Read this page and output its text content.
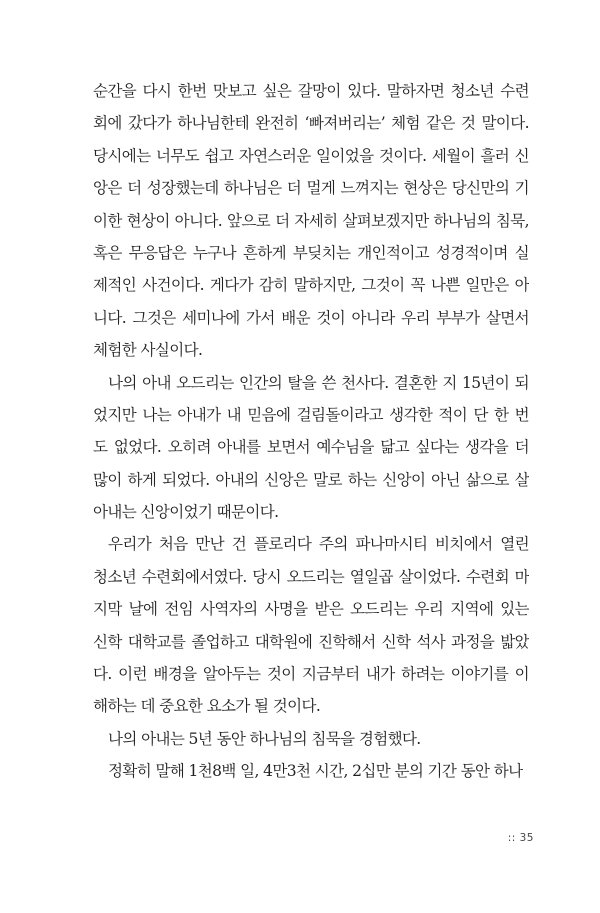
순간을 다시 한번 맛보고 싶은 갈망이 있다. 말하자면 청소년 수련
회에 갔다가 하나님한테 완전히 ‘빠져버리는’ 체험 같은 것 말이다.
당시에는 너무도 쉽고 자연스러운 일이었을 것이다. 세월이 흘러 신
앙은 더 성장했는데 하나님은 더 멀게 느껴지는 현상은 당신만의 기
이한 현상이 아니다. 앞으로 더 자세히 살펴보겠지만 하나님의 침묵,
혹은 무응답은 누구나 흔하게 부딪치는 개인적이고 성경적이며 실
제적인 사건이다. 게다가 감히 말하지만, 그것이 꼭 나쁜 일만은 아
니다. 그것은 세미나에 가서 배운 것이 아니라 우리 부부가 살면서
체험한 사실이다.
나의 아내 오드리는 인간의 탈을 쓴 천사다. 결혼한 지 15년이 되
었지만 나는 아내가 내 믿음에 걸림돌이라고 생각한 적이 단 한 번
도 없었다. 오히려 아내를 보면서 예수님을 닮고 싶다는 생각을 더
많이 하게 되었다. 아내의 신앙은 말로 하는 신앙이 아닌 삶으로 살
아내는 신앙이었기 때문이다.
우리가 처음 만난 건 플로리다 주의 파나마시티 비치에서 열린
청소년 수련회에서였다. 당시 오드리는 열일곱 살이었다. 수련회 마
지막 날에 전임 사역자의 사명을 받은 오드리는 우리 지역에 있는
신학 대학교를 졸업하고 대학원에 진학해서 신학 석사 과정을 밟았
다. 이런 배경을 알아두는 것이 지금부터 내가 하려는 이야기를 이
해하는 데 중요한 요소가 될 것이다.
나의 아내는 5년 동안 하나님의 침묵을 경험했다.
정확히 말해 1천8백 일, 4만3천 시간, 2십만 분의 기간 동안 하나
:: 35
